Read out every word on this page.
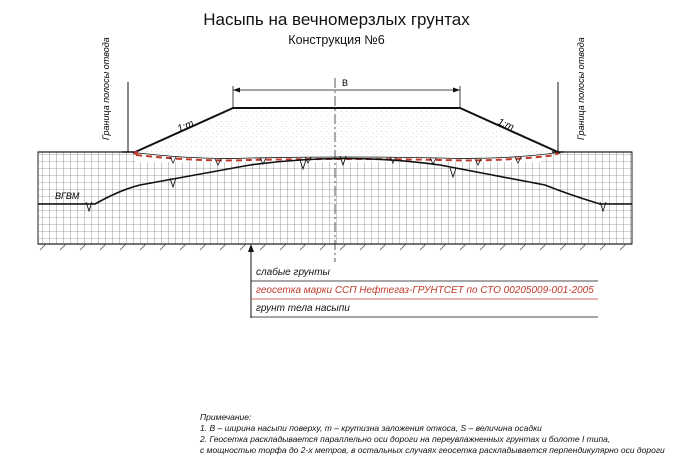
Насыпь на вечномерзлых грунтах
Конструкция №6
Граница полосы отвода	Граница полосы отвода
В
1:m	1:m
ВГВМ
слабые грунты
геосетка марки ССП Нефтегаз-ГРУНТСЕТ по СТО 00205009-001-2005
грунт тела насыпи
Примечание:
1. В – ширина насыпи поверху, m – крутизна заложения откоса, S – величина осадки
2. Геосетка раскладывается параллельно оси дороги на переувлажненных грунтах и болоте I типа,
с мощностью торфа до 2-х метров, в остальных случаях геосетка раскладывается перпендикулярно оси дороги
